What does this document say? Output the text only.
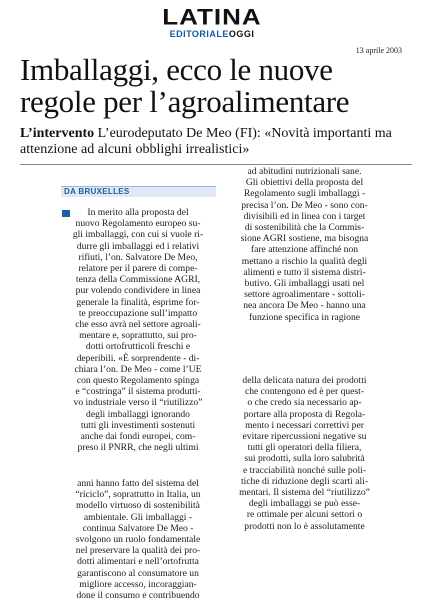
LATINA
EDITORIALEOGGI
13 aprile 2003
Imballaggi, ecco le nuove
regole per l’agroalimentare
L’intervento L’eurodeputato De Meo (FI): «Novità importanti ma attenzione ad alcuni obblighi irrealistici»
DA BRUXELLES
In merito alla proposta del
nuovo Regolamento europeo su-
gli imballaggi, con cui si vuole ri-
durre gli imballaggi ed i relativi
rifiuti, l’on. Salvatore De Meo,
relatore per il parere di compe-
tenza della Commissione AGRI,
pur volendo condividere in linea
generale la finalità, esprime for-
te preoccupazione sull’impatto
che esso avrà nel settore agroali-
mentare e, soprattutto, sui pro-
dotti ortofrutticoli freschi e
deperibili. «È sorprendente - di-
chiara l’on. De Meo - come l’UE
con questo Regolamento spinga
e “costringa” il sistema produtti-
vo industriale verso il “riutilizzo”
degli imballaggi ignorando
tutti gli investimenti sostenuti
anche dai fondi europei, com-
preso il PNRR, che negli ultimi
anni hanno fatto del sistema del
“riciclo”, soprattutto in Italia, un
modello virtuoso di sostenibilità
ambientale. Gli imballaggi -
continua Salvatore De Meo -
svolgono un ruolo fondamentale
nel preservare la qualità dei pro-
dotti alimentari e nell’ortofrutta
garantiscono al consumatore un
migliore accesso, incoraggian-
done il consumo e contribuendo
ad abitudini nutrizionali sane.
Gli obiettivi della proposta del
Regolamento sugli imballaggi -
precisa l’on. De Meo - sono con-
divisibili ed in linea con i target
di sostenibilità che la Commis-
sione AGRI sostiene, ma bisogna
fare attenzione affinché non
mettano a rischio la qualità degli
alimenti e tutto il sistema distri-
butivo. Gli imballaggi usati nel
settore agroalimentare - sottoli-
nea ancora De Meo - hanno una
funzione specifica in ragione
della delicata natura dei prodotti
che contengono ed è per quest-
o che credo sia necessario ap-
portare alla proposta di Regola-
mento i necessari correttivi per
evitare ripercussioni negative su
tutti gli operatori della filiera,
sui prodotti, sulla loro salubrità
e tracciabilità nonché sulle poli-
tiche di riduzione degli scarti ali-
mentari. Il sistema del “riutilizzo”
degli imballaggi se può esse-
re ottimale per alcuni settori o
prodotti non lo è assolutamente
